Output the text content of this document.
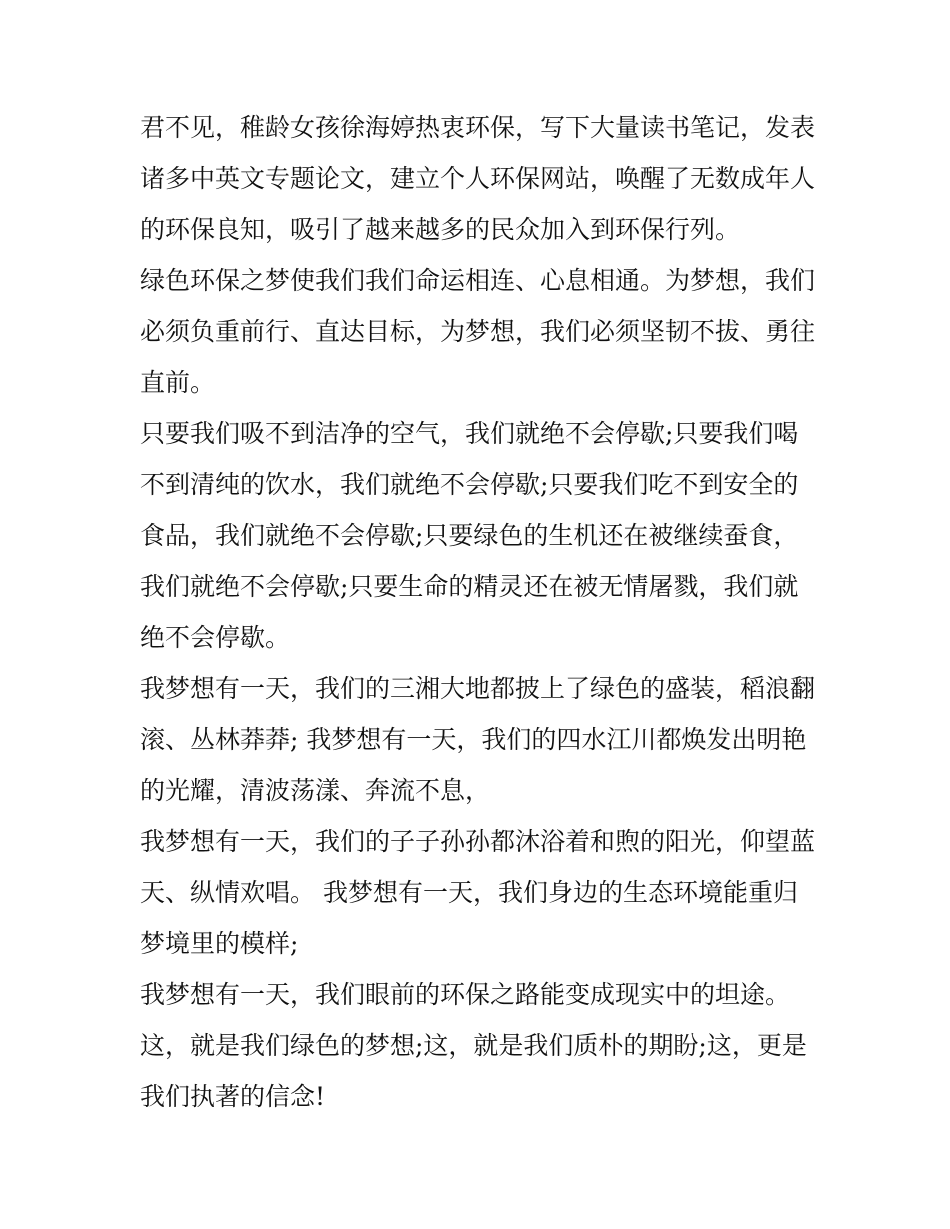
君不见，稚龄女孩徐海婷热衷环保，写下大量读书笔记，发表
诸多中英文专题论文，建立个人环保网站，唤醒了无数成年人
的环保良知，吸引了越来越多的民众加入到环保行列。
绿色环保之梦使我们我们命运相连、心息相通。为梦想，我们
必须负重前行、直达目标，为梦想，我们必须坚韧不拔、勇往
直前。
只要我们吸不到洁净的空气，我们就绝不会停歇;只要我们喝
不到清纯的饮水，我们就绝不会停歇;只要我们吃不到安全的
食品，我们就绝不会停歇;只要绿色的生机还在被继续蚕食，
我们就绝不会停歇;只要生命的精灵还在被无情屠戮，我们就
绝不会停歇。
我梦想有一天，我们的三湘大地都披上了绿色的盛装，稻浪翻
滚、丛林莽莽; 我梦想有一天，我们的四水江川都焕发出明艳
的光耀，清波荡漾、奔流不息，
我梦想有一天，我们的子子孙孙都沐浴着和煦的阳光，仰望蓝
天、纵情欢唱。 我梦想有一天，我们身边的生态环境能重归
梦境里的模样;
我梦想有一天，我们眼前的环保之路能变成现实中的坦途。
这，就是我们绿色的梦想;这，就是我们质朴的期盼;这，更是
我们执著的信念!
